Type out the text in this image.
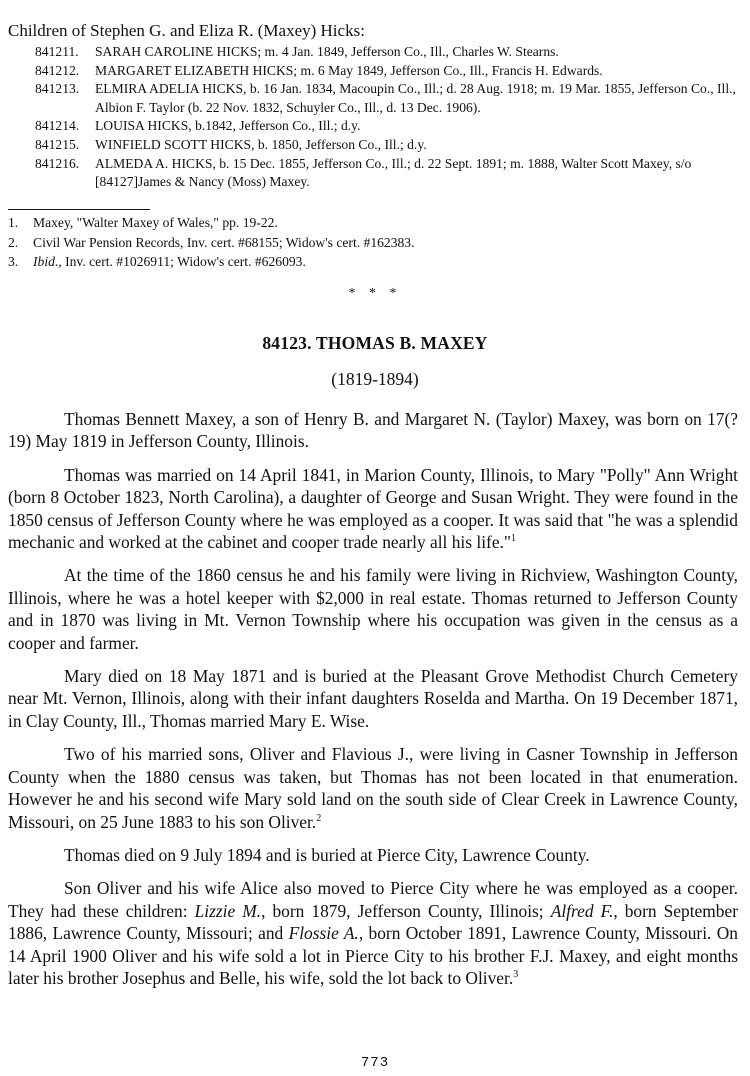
Children of Stephen G. and Eliza R. (Maxey) Hicks:
841211.	SARAH CAROLINE HICKS; m. 4 Jan. 1849, Jefferson Co., Ill., Charles W. Stearns.
841212.	MARGARET ELIZABETH HICKS; m. 6 May 1849, Jefferson Co., Ill., Francis H. Edwards.
841213.	ELMIRA ADELIA HICKS, b. 16 Jan. 1834, Macoupin Co., Ill.; d. 28 Aug. 1918; m. 19 Mar. 1855, Jefferson Co., Ill., Albion F. Taylor (b. 22 Nov. 1832, Schuyler Co., Ill., d. 13 Dec. 1906).
841214.	LOUISA HICKS, b.1842, Jefferson Co., Ill.; d.y.
841215.	WINFIELD SCOTT HICKS, b. 1850, Jefferson Co., Ill.; d.y.
841216.	ALMEDA A. HICKS, b. 15 Dec. 1855, Jefferson Co., Ill.; d. 22 Sept. 1891; m. 1888, Walter Scott Maxey, s/o [84127]James & Nancy (Moss) Maxey.
1.	Maxey, "Walter Maxey of Wales," pp. 19-22.
2.	Civil War Pension Records, Inv. cert. #68155; Widow's cert. #162383.
3.	Ibid., Inv. cert. #1026911; Widow's cert. #626093.
* * *
84123. THOMAS B. MAXEY
(1819-1894)

Thomas Bennett Maxey, a son of Henry B. and Margaret N. (Taylor) Maxey, was born on 17(?19) May 1819 in Jefferson County, Illinois.

Thomas was married on 14 April 1841, in Marion County, Illinois, to Mary "Polly" Ann Wright (born 8 October 1823, North Carolina), a daughter of George and Susan Wright. They were found in the 1850 census of Jefferson County where he was employed as a cooper. It was said that "he was a splendid mechanic and worked at the cabinet and cooper trade nearly all his life."$^1$

At the time of the 1860 census he and his family were living in Richview, Washington County, Illinois, where he was a hotel keeper with $2,000 in real estate. Thomas returned to Jefferson County and in 1870 was living in Mt. Vernon Township where his occupation was given in the census as a cooper and farmer.

Mary died on 18 May 1871 and is buried at the Pleasant Grove Methodist Church Cemetery near Mt. Vernon, Illinois, along with their infant daughters Roselda and Martha. On 19 December 1871, in Clay County, Ill., Thomas married Mary E. Wise.

Two of his married sons, Oliver and Flavious J., were living in Casner Township in Jefferson County when the 1880 census was taken, but Thomas has not been located in that enumeration. However he and his second wife Mary sold land on the south side of Clear Creek in Lawrence County, Missouri, on 25 June 1883 to his son Oliver.$^2$

Thomas died on 9 July 1894 and is buried at Pierce City, Lawrence County.

Son Oliver and his wife Alice also moved to Pierce City where he was employed as a cooper. They had these children: Lizzie M., born 1879, Jefferson County, Illinois; Alfred F., born September 1886, Lawrence County, Missouri; and Flossie A., born October 1891, Lawrence County, Missouri. On 14 April 1900 Oliver and his wife sold a lot in Pierce City to his brother F.J. Maxey, and eight months later his brother Josephus and Belle, his wife, sold the lot back to Oliver.$^3$

773
